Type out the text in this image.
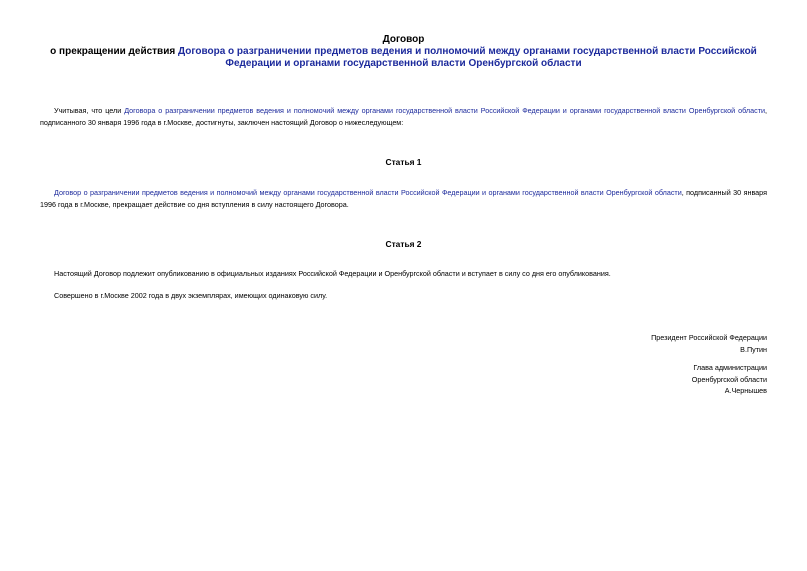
Договор
о прекращении действия Договора о разграничении предметов ведения и полномочий между органами государственной власти Российской Федерации и органами государственной власти Оренбургской области
Учитывая, что цели Договора о разграничении предметов ведения и полномочий между органами государственной власти Российской Федерации и органами государственной власти Оренбургской области, подписанного 30 января 1996 года в г.Москве, достигнуты, заключен настоящий Договор о нижеследующем:
Статья 1
Договор о разграничении предметов ведения и полномочий между органами государственной власти Российской Федерации и органами государственной власти Оренбургской области, подписанный 30 января 1996 года в г.Москве, прекращает действие со дня вступления в силу настоящего Договора.
Статья 2
Настоящий Договор подлежит опубликованию в официальных изданиях Российской Федерации и Оренбургской области и вступает в силу со дня его опубликования.
Совершено в г.Москве 2002 года в двух экземплярах, имеющих одинаковую силу.
Президент Российской Федерации
В.Путин
Глава администрации
Оренбургской области
А.Чернышев
